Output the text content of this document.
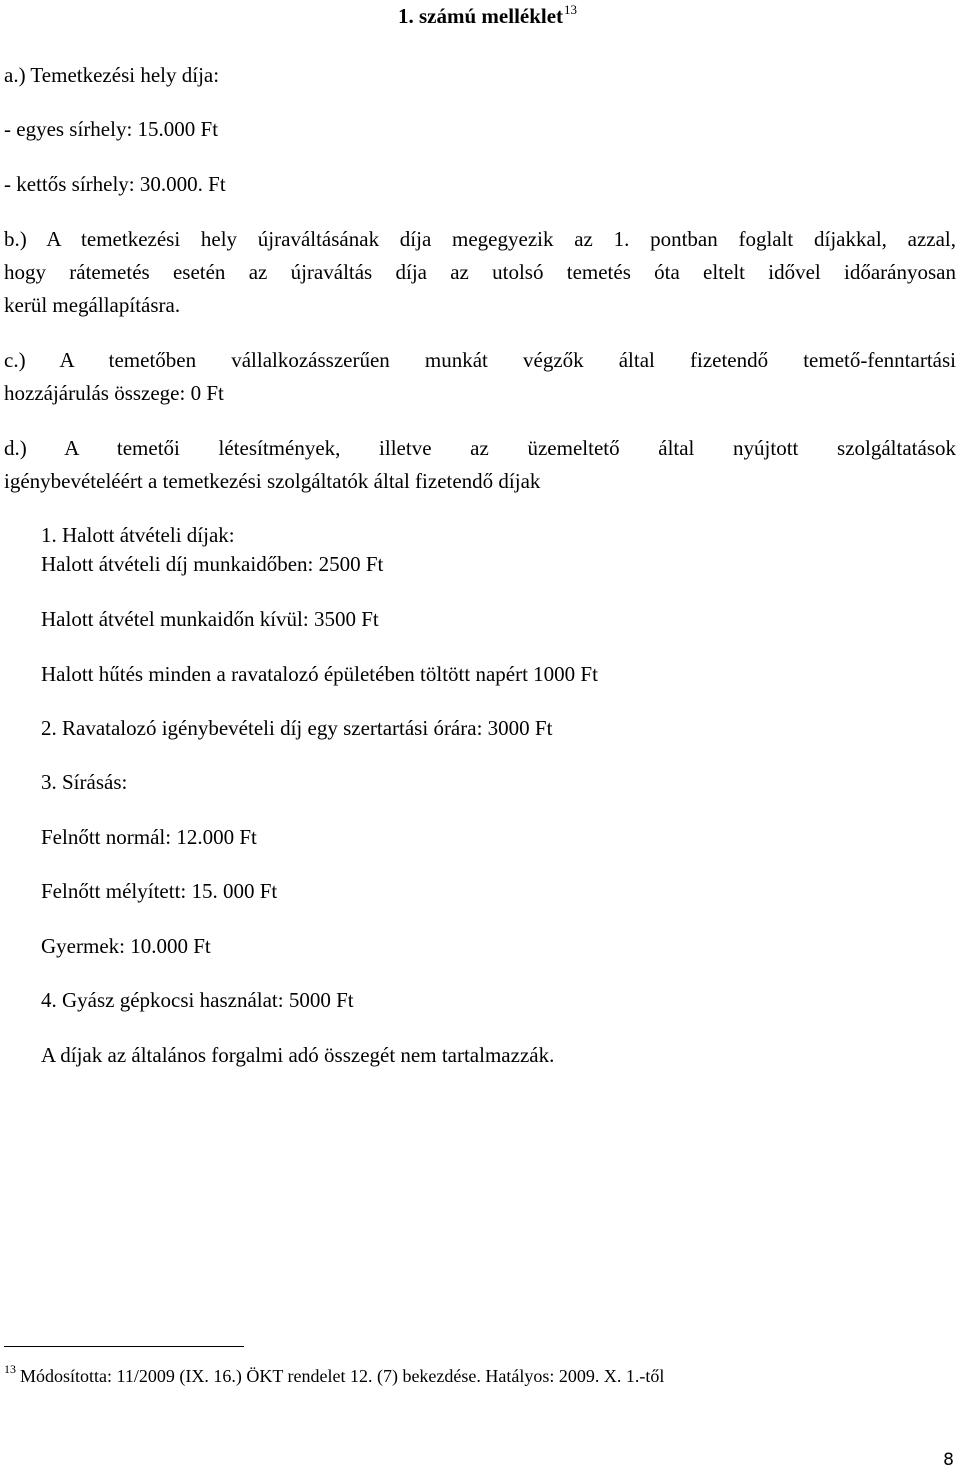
1. számú melléklet$^{13}$
a.) Temetkezési hely díja:
- egyes sírhely: 15.000 Ft
- kettős sírhely: 30.000. Ft
b.) A temetkezési hely újraváltásának díja megegyezik az 1. pontban foglalt díjakkal, azzal,
hogy rátemetés esetén az újraváltás díja az utolsó temetés óta eltelt idővel időarányosan
kerül megállapításra.
c.) A temetőben vállalkozásszerűen munkát végzők által fizetendő temető-fenntartási
hozzájárulás összege: 0 Ft
d.) A temetői létesítmények, illetve az üzemeltető által nyújtott szolgáltatások
igénybevételéért a temetkezési szolgáltatók által fizetendő díjak
1. Halott átvételi díjak:
Halott átvételi díj munkaidőben: 2500 Ft
Halott átvétel munkaidőn kívül: 3500 Ft
Halott hűtés minden a ravatalozó épületében töltött napért 1000 Ft
2. Ravatalozó igénybevételi díj egy szertartási órára: 3000 Ft
3. Sírásás:
Felnőtt normál: 12.000 Ft
Felnőtt mélyített: 15. 000 Ft
Gyermek: 10.000 Ft
4. Gyász gépkocsi használat: 5000 Ft
A díjak az általános forgalmi adó összegét nem tartalmazzák.
$^{13}$ Módosította: 11/2009 (IX. 16.) ÖKT rendelet 12. (7) bekezdése. Hatályos: 2009. X. 1.-től
8
